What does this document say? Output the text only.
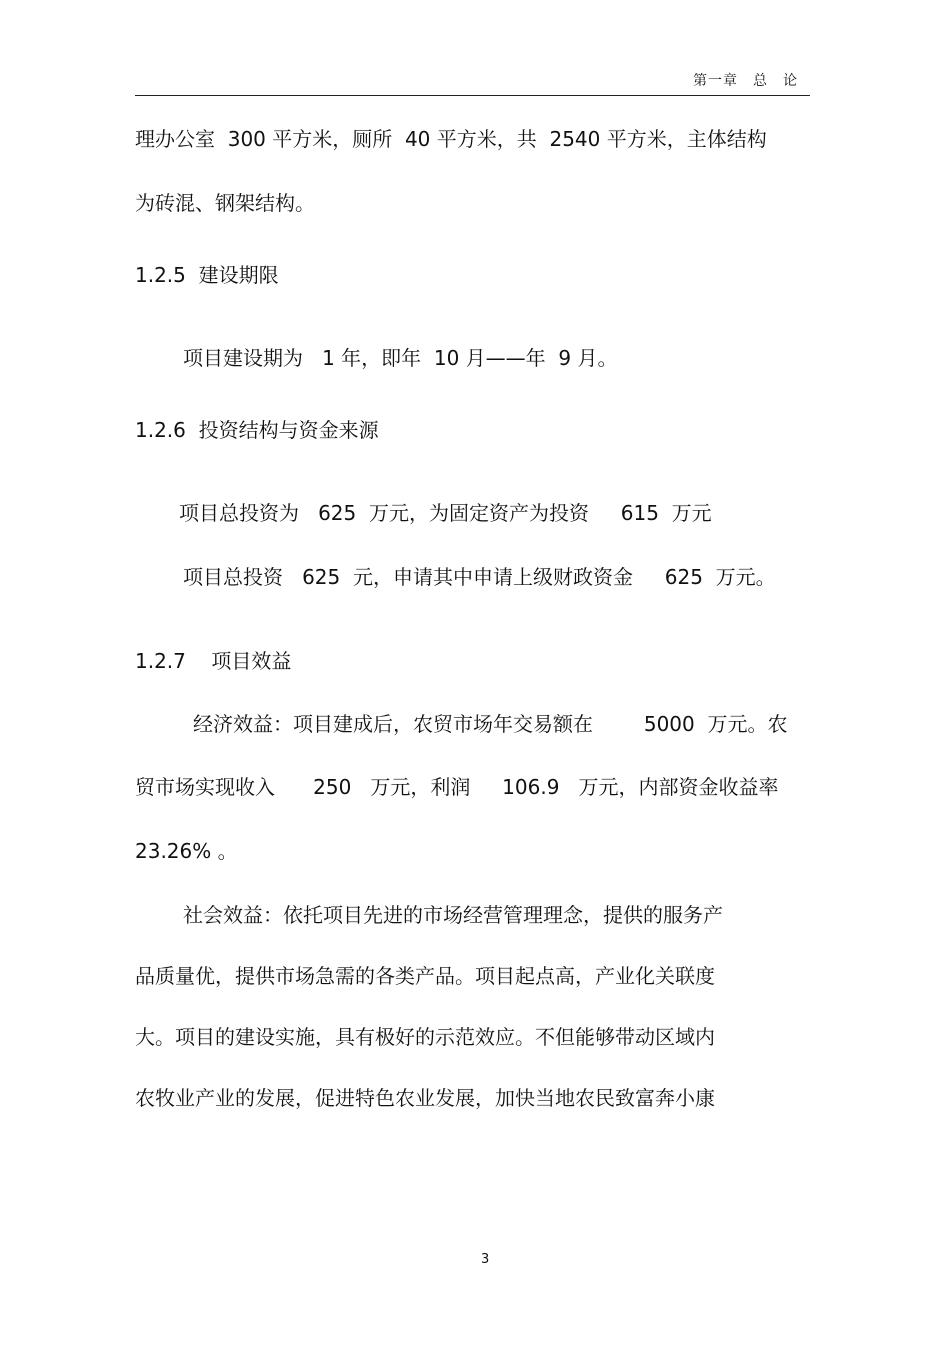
第一章　总　论
理办公室  300 平方米，厕所  40 平方米，共  2540 平方米，主体结构
为砖混、钢架结构。
1.2.5  建设期限
项目建设期为   1 年，即年  10 月——年  9 月。
1.2.6  投资结构与资金来源
项目总投资为   625  万元，为固定资产为投资     615  万元
项目总投资   625  元，申请其中申请上级财政资金     625  万元。
1.2.7    项目效益
经济效益：项目建成后，农贸市场年交易额在        5000  万元。农
贸市场实现收入      250   万元，利润     106.9   万元，内部资金收益率
23.26% 。
社会效益：依托项目先进的市场经营管理理念，提供的服务产
品质量优，提供市场急需的各类产品。项目起点高，产业化关联度
大。项目的建设实施，具有极好的示范效应。不但能够带动区域内
农牧业产业的发展，促进特色农业发展，加快当地农民致富奔小康
3
